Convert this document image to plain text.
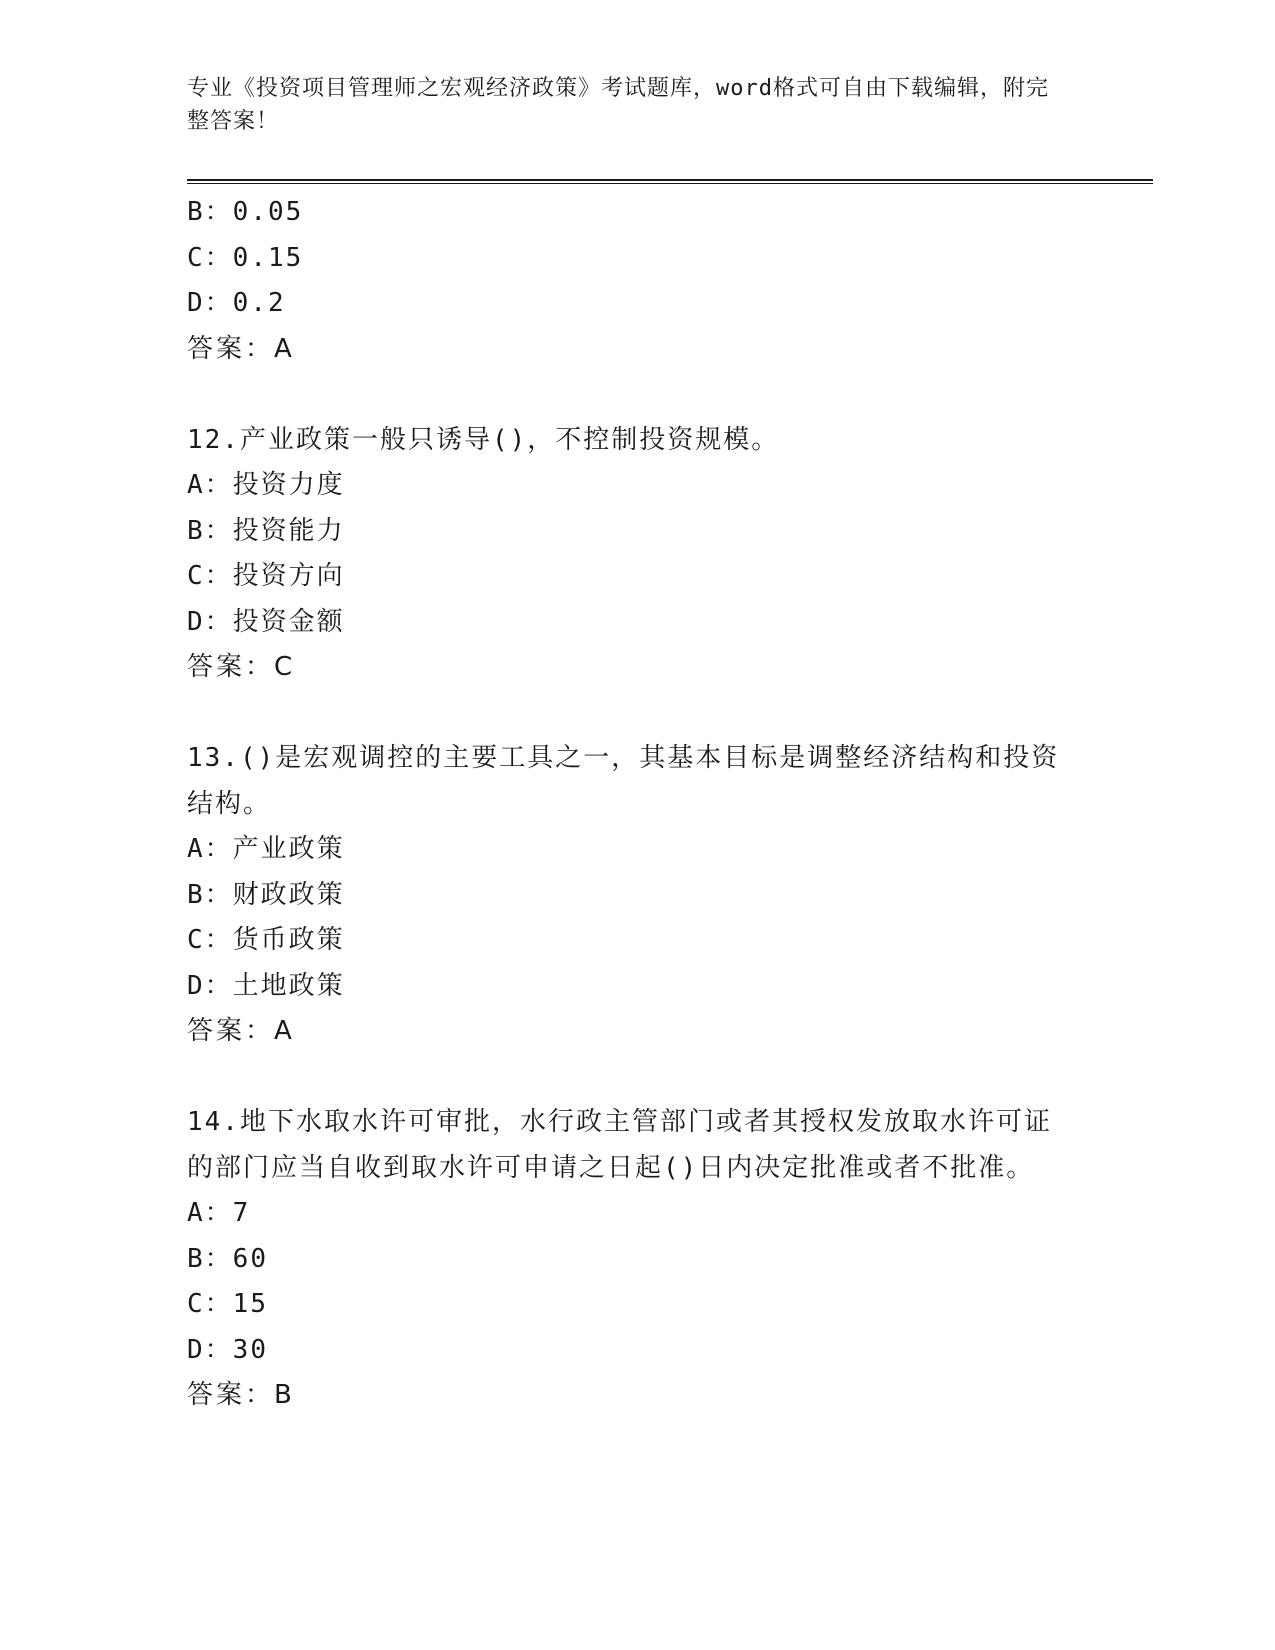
专业《投资项目管理师之宏观经济政策》考试题库，word格式可自由下载编辑，附完整答案！
B：0.05
C：0.15
D：0.2
答案：A
12.产业政策一般只诱导()，不控制投资规模。
A：投资力度
B：投资能力
C：投资方向
D：投资金额
答案：C
13.()是宏观调控的主要工具之一，其基本目标是调整经济结构和投资结构。
A：产业政策
B：财政政策
C：货币政策
D：土地政策
答案：A
14.地下水取水许可审批，水行政主管部门或者其授权发放取水许可证的部门应当自收到取水许可申请之日起()日内决定批准或者不批准。
A：7
B：60
C：15
D：30
答案：B
